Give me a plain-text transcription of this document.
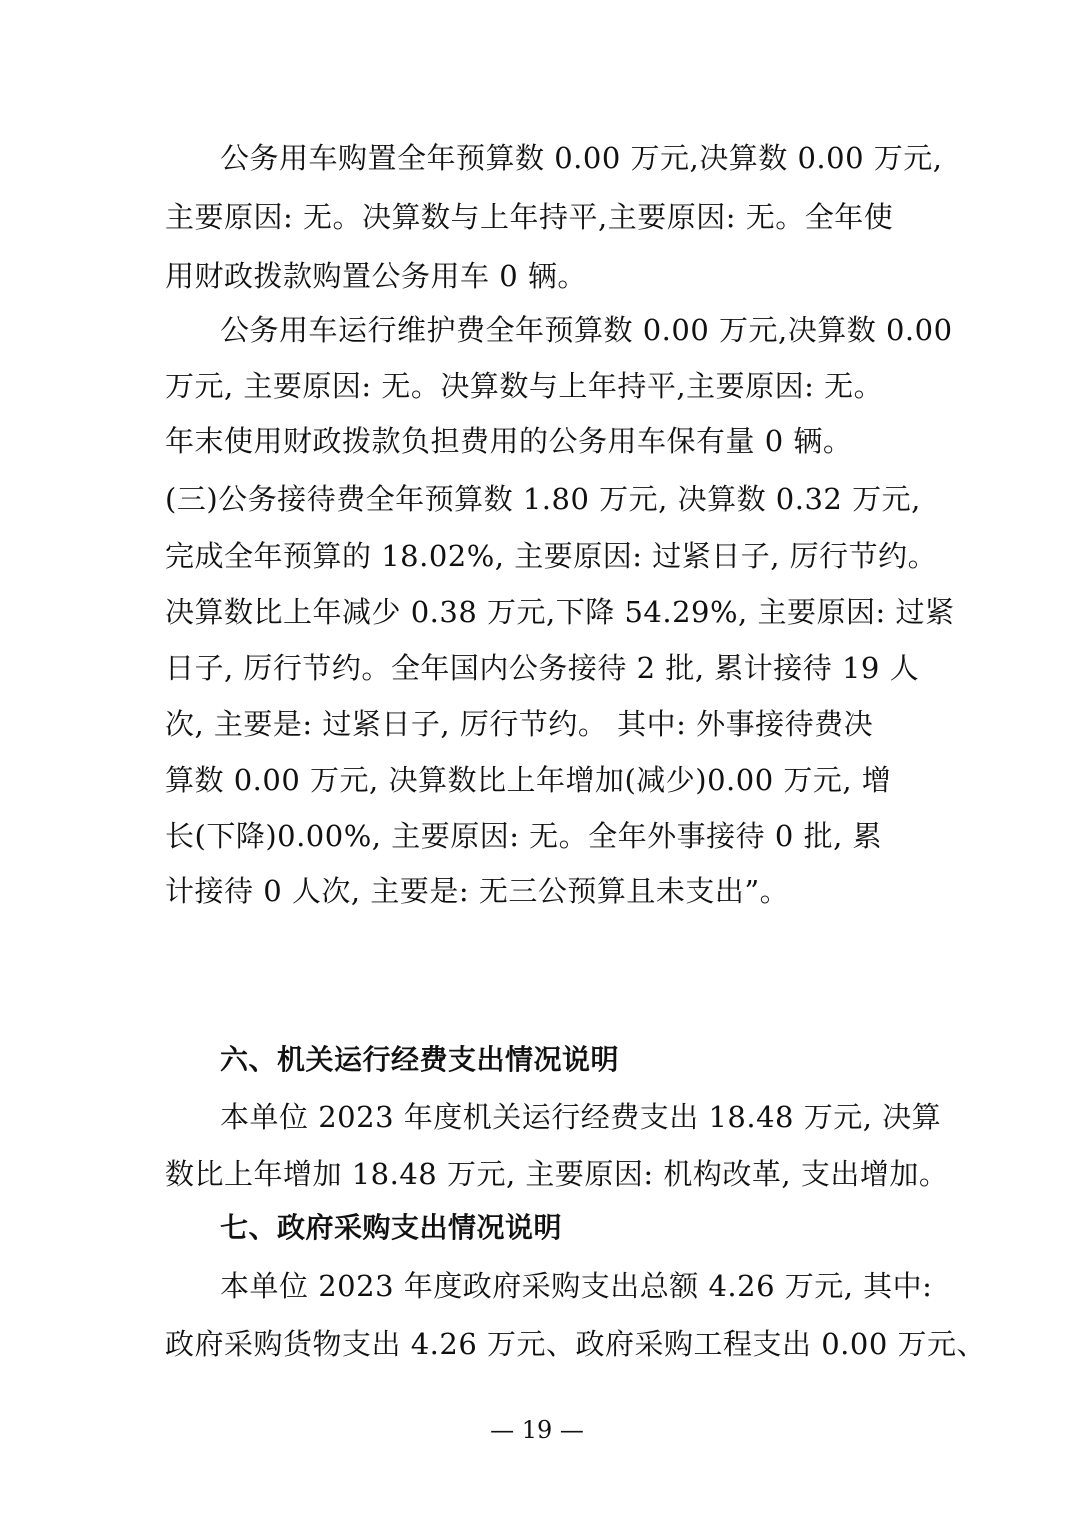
公务用车购置全年预算数 0.00 万元,决算数 0.00 万元,
主要原因: 无。决算数与上年持平,主要原因: 无。全年使
用财政拨款购置公务用车 0 辆。
公务用车运行维护费全年预算数 0.00 万元,决算数 0.00
万元, 主要原因: 无。决算数与上年持平,主要原因: 无。
年末使用财政拨款负担费用的公务用车保有量 0 辆。
(三)公务接待费全年预算数 1.80 万元, 决算数 0.32 万元,
完成全年预算的 18.02%, 主要原因: 过紧日子, 厉行节约。
决算数比上年减少 0.38 万元,下降 54.29%, 主要原因: 过紧
日子, 厉行节约。全年国内公务接待 2 批, 累计接待 19 人
次, 主要是: 过紧日子, 厉行节约。 其中: 外事接待费决
算数 0.00 万元, 决算数比上年增加(减少)0.00 万元, 增
长(下降)0.00%, 主要原因: 无。全年外事接待 0 批, 累
计接待 0 人次, 主要是: 无三公预算且未支出”。
六、机关运行经费支出情况说明
本单位 2023 年度机关运行经费支出 18.48 万元, 决算
数比上年增加 18.48 万元, 主要原因: 机构改革, 支出增加。
七、政府采购支出情况说明
本单位 2023 年度政府采购支出总额 4.26 万元, 其中:
政府采购货物支出 4.26 万元、政府采购工程支出 0.00 万元、
— 19 —
